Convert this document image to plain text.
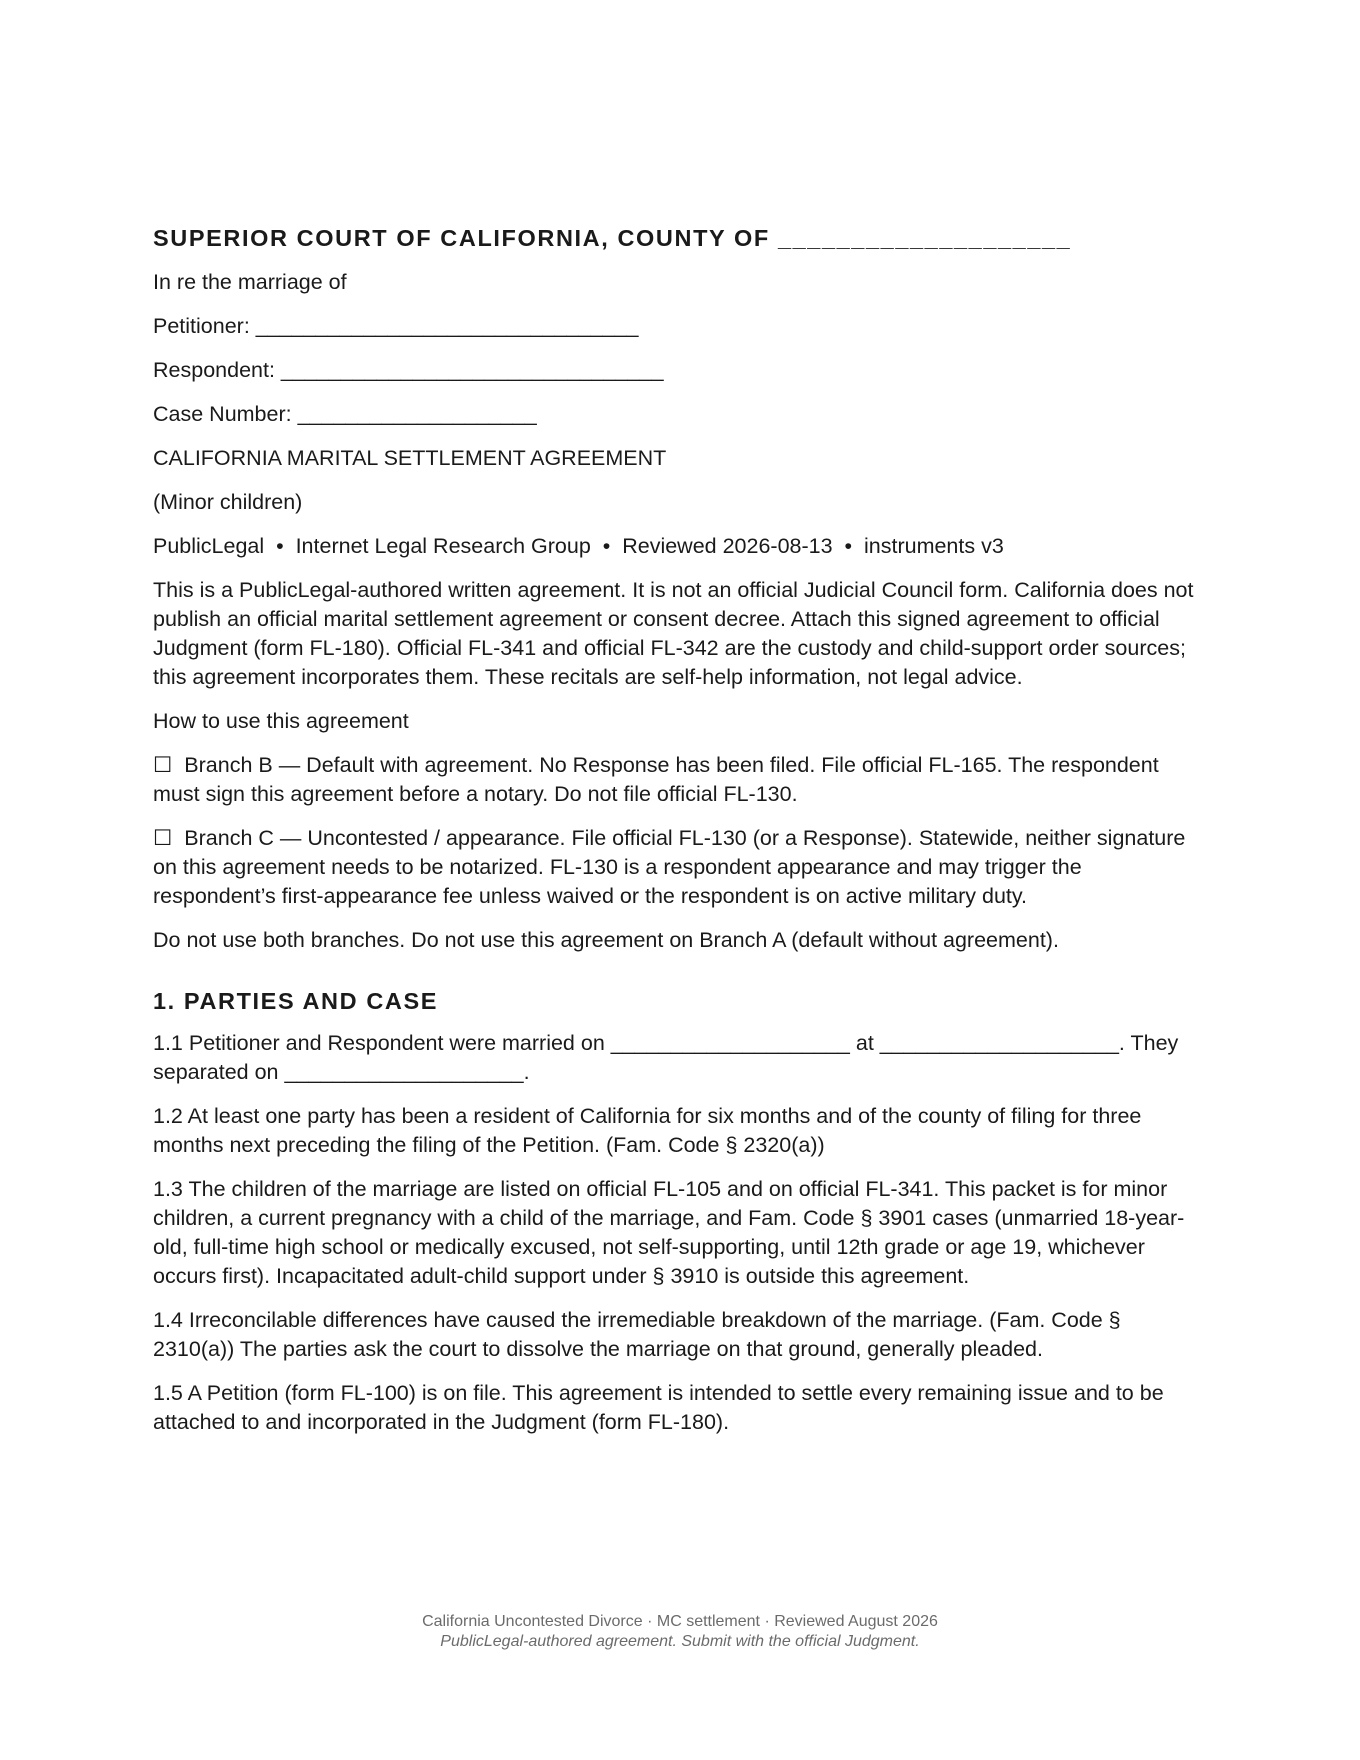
SUPERIOR COURT OF CALIFORNIA, COUNTY OF ____________________

In re the marriage of

Petitioner: ________________________________

Respondent: ________________________________

Case Number: ____________________

CALIFORNIA MARITAL SETTLEMENT AGREEMENT

(Minor children)

PublicLegal  •  Internet Legal Research Group  •  Reviewed 2026-08-13  •  instruments v3

This is a PublicLegal-authored written agreement. It is not an official Judicial Council form. California does not publish an official marital settlement agreement or consent decree. Attach this signed agreement to official Judgment (form FL-180). Official FL-341 and official FL-342 are the custody and child-support order sources; this agreement incorporates them. These recitals are self-help information, not legal advice.

How to use this agreement

☐ Branch B — Default with agreement. No Response has been filed. File official FL-165. The respondent must sign this agreement before a notary. Do not file official FL-130.

☐ Branch C — Uncontested / appearance. File official FL-130 (or a Response). Statewide, neither signature on this agreement needs to be notarized. FL-130 is a respondent appearance and may trigger the respondent’s first-appearance fee unless waived or the respondent is on active military duty.

Do not use both branches. Do not use this agreement on Branch A (default without agreement).

1. PARTIES AND CASE

1.1 Petitioner and Respondent were married on ____________________ at ____________________. They separated on ____________________.

1.2 At least one party has been a resident of California for six months and of the county of filing for three months next preceding the filing of the Petition. (Fam. Code § 2320(a))

1.3 The children of the marriage are listed on official FL-105 and on official FL-341. This packet is for minor children, a current pregnancy with a child of the marriage, and Fam. Code § 3901 cases (unmarried 18-year-old, full-time high school or medically excused, not self-supporting, until 12th grade or age 19, whichever occurs first). Incapacitated adult-child support under § 3910 is outside this agreement.

1.4 Irreconcilable differences have caused the irremediable breakdown of the marriage. (Fam. Code § 2310(a)) The parties ask the court to dissolve the marriage on that ground, generally pleaded.

1.5 A Petition (form FL-100) is on file. This agreement is intended to settle every remaining issue and to be attached to and incorporated in the Judgment (form FL-180).

California Uncontested Divorce · MC settlement · Reviewed August 2026
PublicLegal-authored agreement. Submit with the official Judgment.
